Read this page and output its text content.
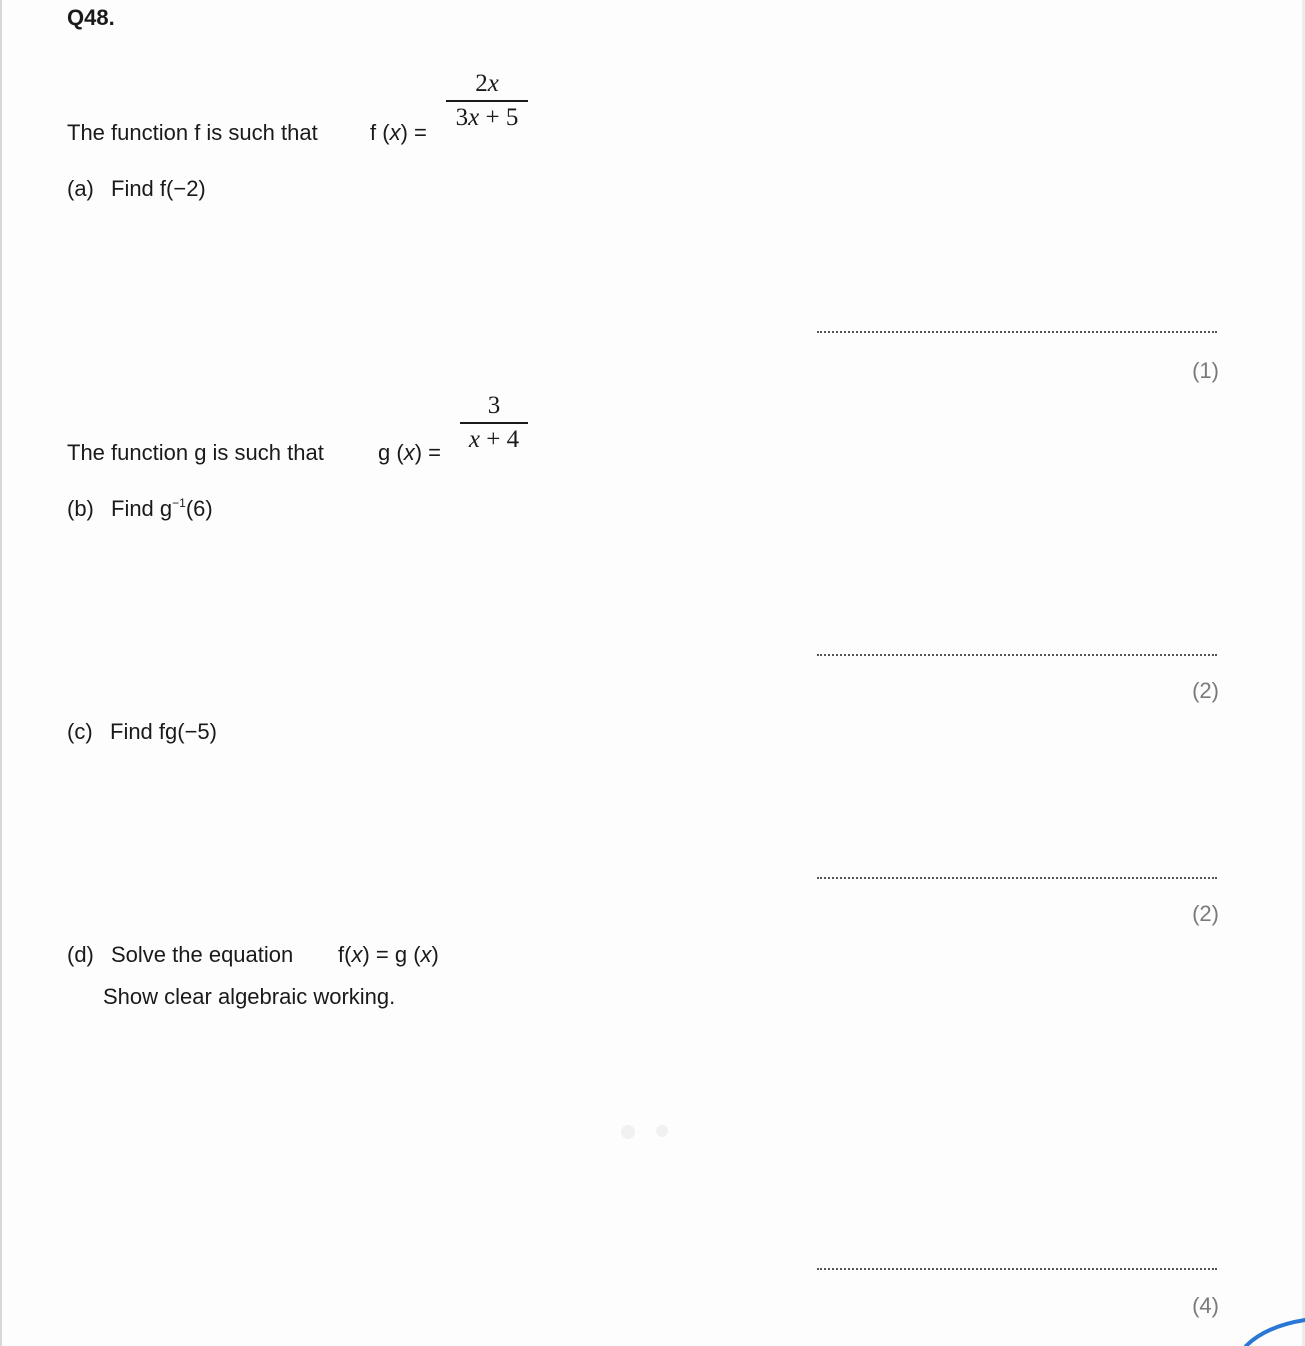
Q48.
The function f is such that f (x) =
2x
3x + 5
(a) Find f(−2)
(1)
The function g is such that g (x) =
3
x + 4
(b) Find $g^{-1}(6)$
(2)
(c) Find fg(−5)
(2)
(d) Solve the equation f(x) = g (x)
Show clear algebraic working.
(4)
